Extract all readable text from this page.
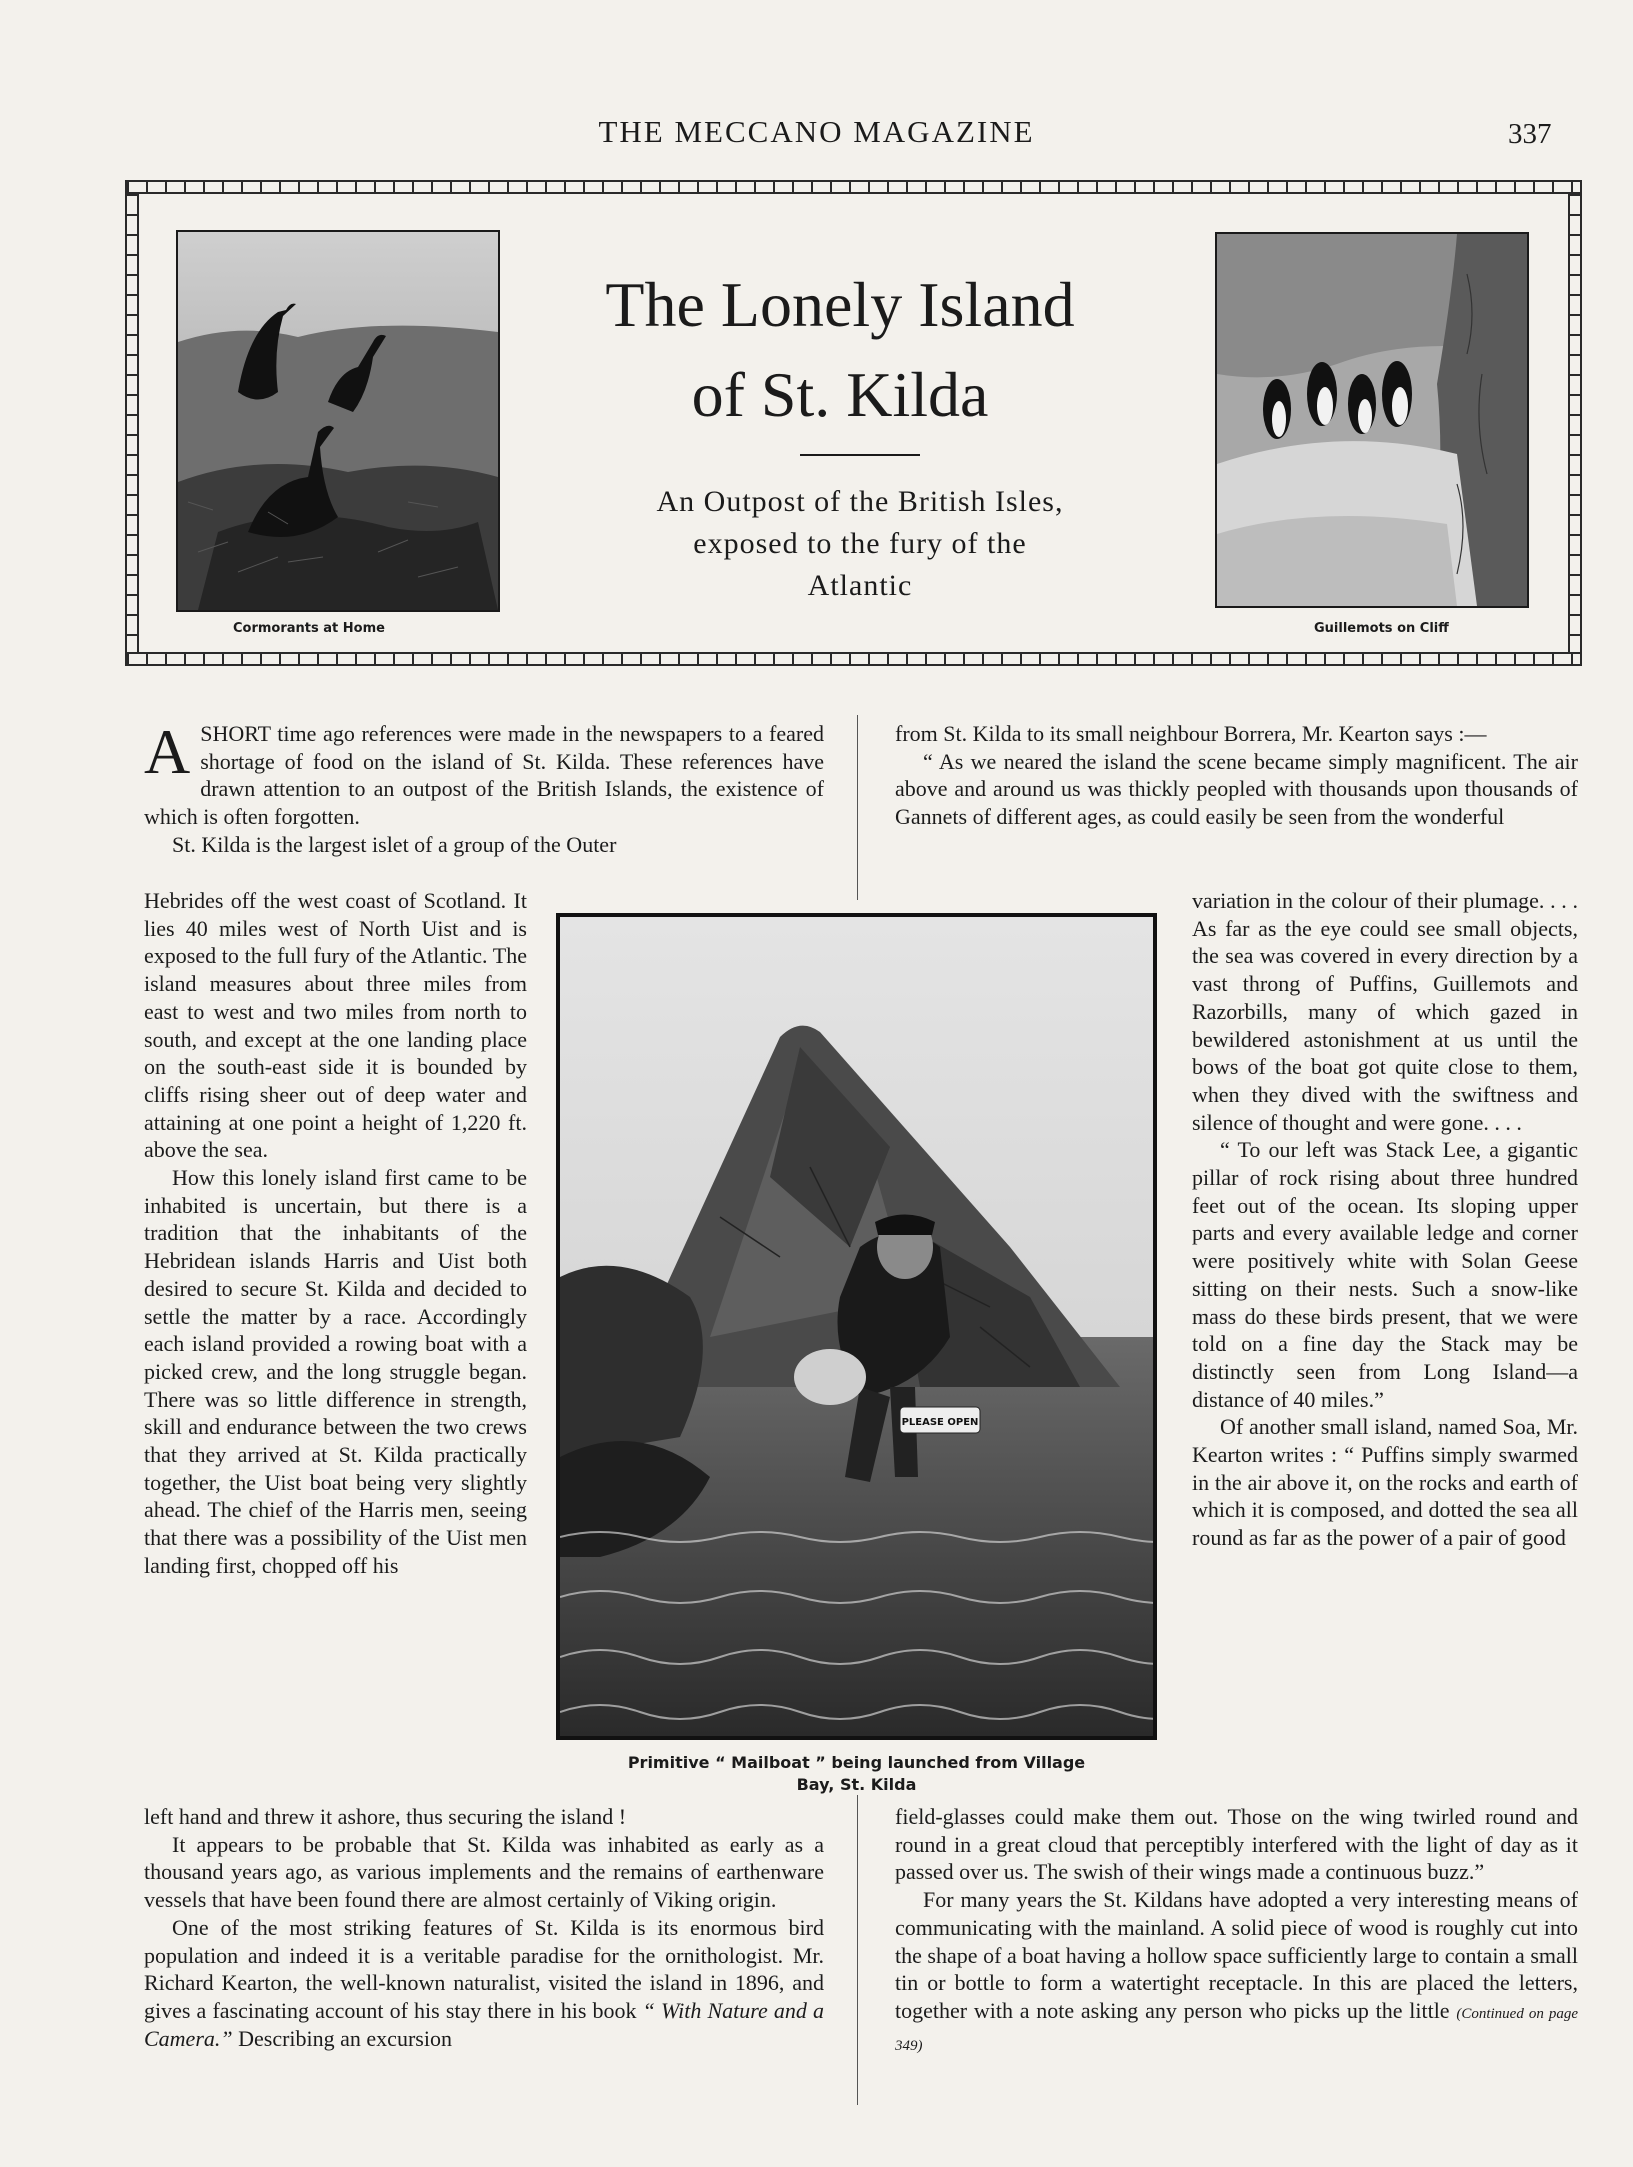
THE MECCANO MAGAZINE	337
Cormorants at Home	Guillemots on Cliff
The Lonely Island
of St. Kilda
An Outpost of the British Isles,
exposed to the fury of the
Atlantic
A SHORT time ago references were made in the newspapers to a feared shortage of food on the island of St. Kilda. These references have drawn attention to an outpost of the British Islands, the existence of which is often forgotten.

St. Kilda is the largest islet of a group of the Outer

Hebrides off the west coast of Scotland. It lies 40 miles west of North Uist and is exposed to the full fury of the Atlantic. The island measures about three miles from east to west and two miles from north to south, and except at the one landing place on the south-east side it is bounded by cliffs rising sheer out of deep water and attaining at one point a height of 1,220 ft. above the sea.

How this lonely island first came to be inhabited is uncertain, but there is a tradition that the inhabitants of the Hebridean islands Harris and Uist both desired to secure St. Kilda and decided to settle the matter by a race. Accordingly each island provided a rowing boat with a picked crew, and the long struggle began. There was so little difference in strength, skill and endurance between the two crews that they arrived at St. Kilda practically together, the Uist boat being very slightly ahead. The chief of the Harris men, seeing that there was a possibility of the Uist men landing first, chopped off his

left hand and threw it ashore, thus securing the island !

It appears to be probable that St. Kilda was inhabited as early as a thousand years ago, as various implements and the remains of earthenware vessels that have been found there are almost certainly of Viking origin.

One of the most striking features of St. Kilda is its enormous bird population and indeed it is a veritable paradise for the ornithologist. Mr. Richard Kearton, the well-known naturalist, visited the island in 1896, and gives a fascinating account of his stay there in his book “ With Nature and a Camera.” Describing an excursion

from St. Kilda to its small neighbour Borrera, Mr. Kearton says :—

“ As we neared the island the scene became simply magnificent. The air above and around us was thickly peopled with thousands upon thousands of Gannets of different ages, as could easily be seen from the wonderful

variation in the colour of their plumage. . . . As far as the eye could see small objects, the sea was covered in every direction by a vast throng of Puffins, Guillemots and Razorbills, many of which gazed in bewildered astonishment at us until the bows of the boat got quite close to them, when they dived with the swiftness and silence of thought and were gone. . . .

“ To our left was Stack Lee, a gigantic pillar of rock rising about three hundred feet out of the ocean. Its sloping upper parts and every available ledge and corner were positively white with Solan Geese sitting on their nests. Such a snow-like mass do these birds present, that we were told on a fine day the Stack may be distinctly seen from Long Island—a distance of 40 miles.”

Of another small island, named Soa, Mr. Kearton writes : “ Puffins simply swarmed in the air above it, on the rocks and earth of which it is composed, and dotted the sea all round as far as the power of a pair of good

field-glasses could make them out. Those on the wing twirled round and round in a great cloud that perceptibly interfered with the light of day as it passed over us. The swish of their wings made a continuous buzz.”

For many years the St. Kildans have adopted a very interesting means of communicating with the mainland. A solid piece of wood is roughly cut into the shape of a boat having a hollow space sufficiently large to contain a small tin or bottle to form a watertight receptacle. In this are placed the letters, together with a note asking any person who picks up the little (Continued on page 349)

PLEASE OPEN
Primitive “ Mailboat ” being launched from Village
Bay, St. Kilda
